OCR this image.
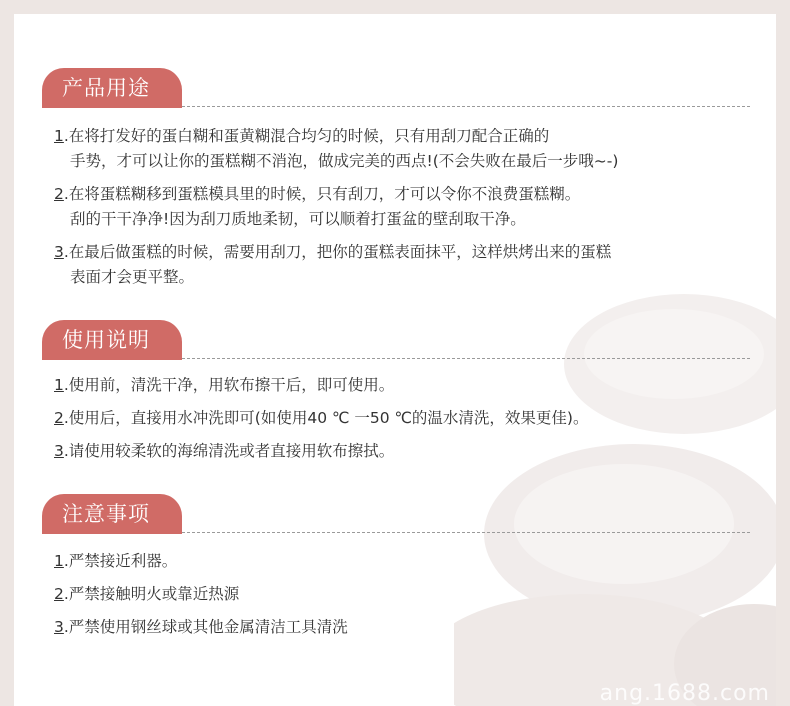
产品用途
1.在将打发好的蛋白糊和蛋黄糊混合均匀的时候，只有用刮刀配合正确的
手势，才可以让你的蛋糕糊不消泡，做成完美的西点!(不会失败在最后一步哦~-)
2.在将蛋糕糊移到蛋糕模具里的时候，只有刮刀，才可以令你不浪费蛋糕糊。
刮的干干净净!因为刮刀质地柔韧，可以顺着打蛋盆的壁刮取干净。
3.在最后做蛋糕的时候，需要用刮刀，把你的蛋糕表面抹平，这样烘烤出来的蛋糕
表面才会更平整。
使用说明
1.使用前，清洗干净，用软布擦干后，即可使用。
2.使用后，直接用水冲洗即可(如使用40 ℃ 一50 ℃的温水清洗，效果更佳)。
3.请使用较柔软的海绵清洗或者直接用软布擦拭。
注意事项
1.严禁接近利器。
2.严禁接触明火或靠近热源
3.严禁使用钢丝球或其他金属清洁工具清洗
ang.1688.com
